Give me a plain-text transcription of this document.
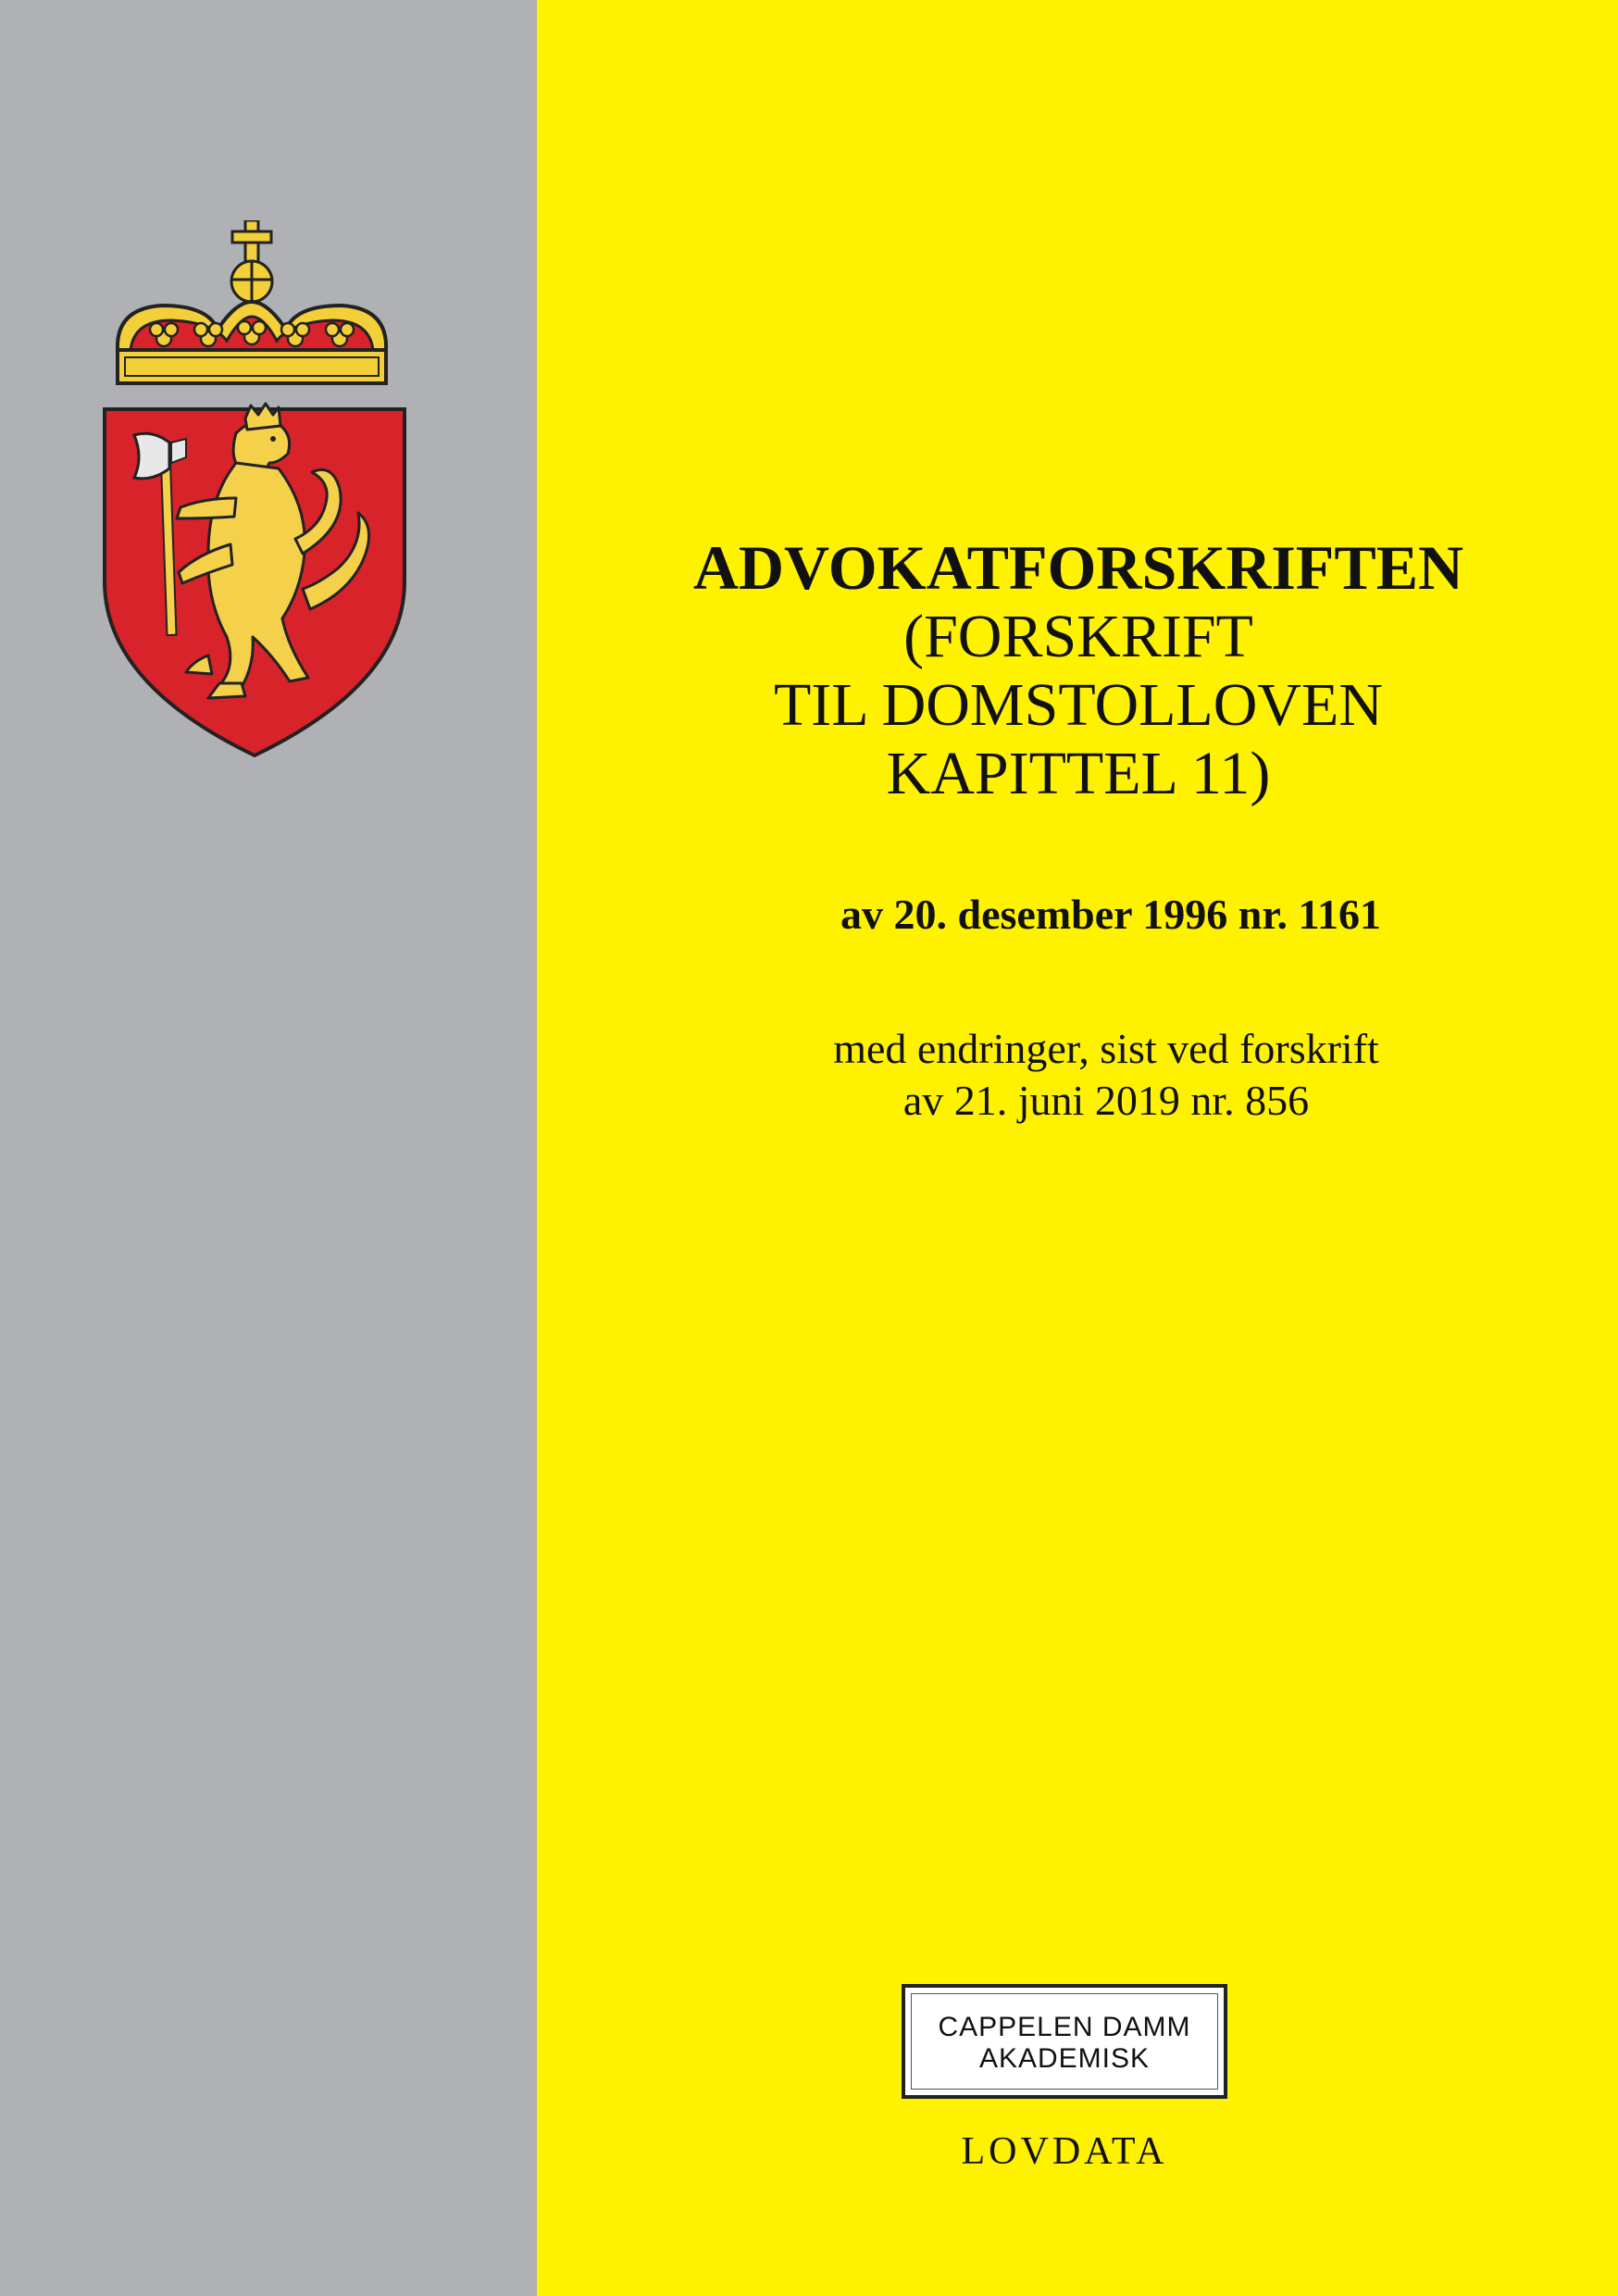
ADVOKATFORSKRIFTEN
(FORSKRIFT
TIL DOMSTOLLOVEN
KAPITTEL 11)
av 20. desember 1996 nr. 1161
med endringer, sist ved forskrift
av 21. juni 2019 nr. 856
CAPPELEN DAMM
AKADEMISK
LOVDATA
